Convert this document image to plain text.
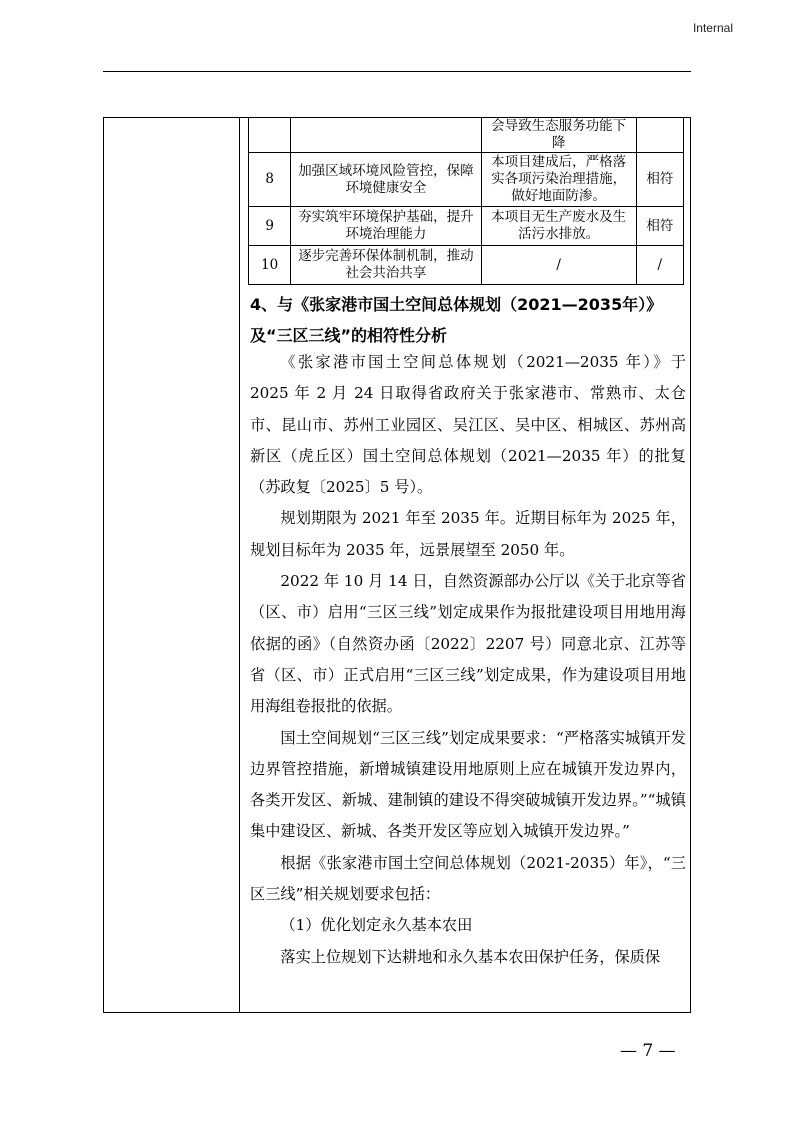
Internal
		会导致生态服务功能下降	
8	加强区域环境风险管控，保障环境健康安全	本项目建成后，严格落实各项污染治理措施，做好地面防渗。	相符
9	夯实筑牢环境保护基础，提升环境治理能力	本项目无生产废水及生活污水排放。	相符
10	逐步完善环保体制机制，推动社会共治共享	/	/
4、与《张家港市国土空间总体规划（2021—2035年）》及“三区三线”的相符性分析

《张家港市国土空间总体规划（2021—2035 年）》于 2025 年 2 月 24 日取得省政府关于张家港市、常熟市、太仓市、昆山市、苏州工业园区、吴江区、吴中区、相城区、苏州高新区（虎丘区）国土空间总体规划（2021—2035 年）的批复（苏政复〔2025〕5 号）。

规划期限为 2021 年至 2035 年。近期目标年为 2025 年，规划目标年为 2035 年，远景展望至 2050 年。

2022 年 10 月 14 日，自然资源部办公厅以《关于北京等省（区、市）启用“三区三线”划定成果作为报批建设项目用地用海依据的函》（自然资办函〔2022〕2207 号）同意北京、江苏等省（区、市）正式启用“三区三线”划定成果，作为建设项目用地用海组卷报批的依据。

国土空间规划“三区三线”划定成果要求：“严格落实城镇开发边界管控措施，新增城镇建设用地原则上应在城镇开发边界内，各类开发区、新城、建制镇的建设不得突破城镇开发边界。”“城镇集中建设区、新城、各类开发区等应划入城镇开发边界。”

根据《张家港市国土空间总体规划（2021-2035）年》，“三区三线”相关规划要求包括：

（1）优化划定永久基本农田

落实上位规划下达耕地和永久基本农田保护任务，保质保

— 7 —
